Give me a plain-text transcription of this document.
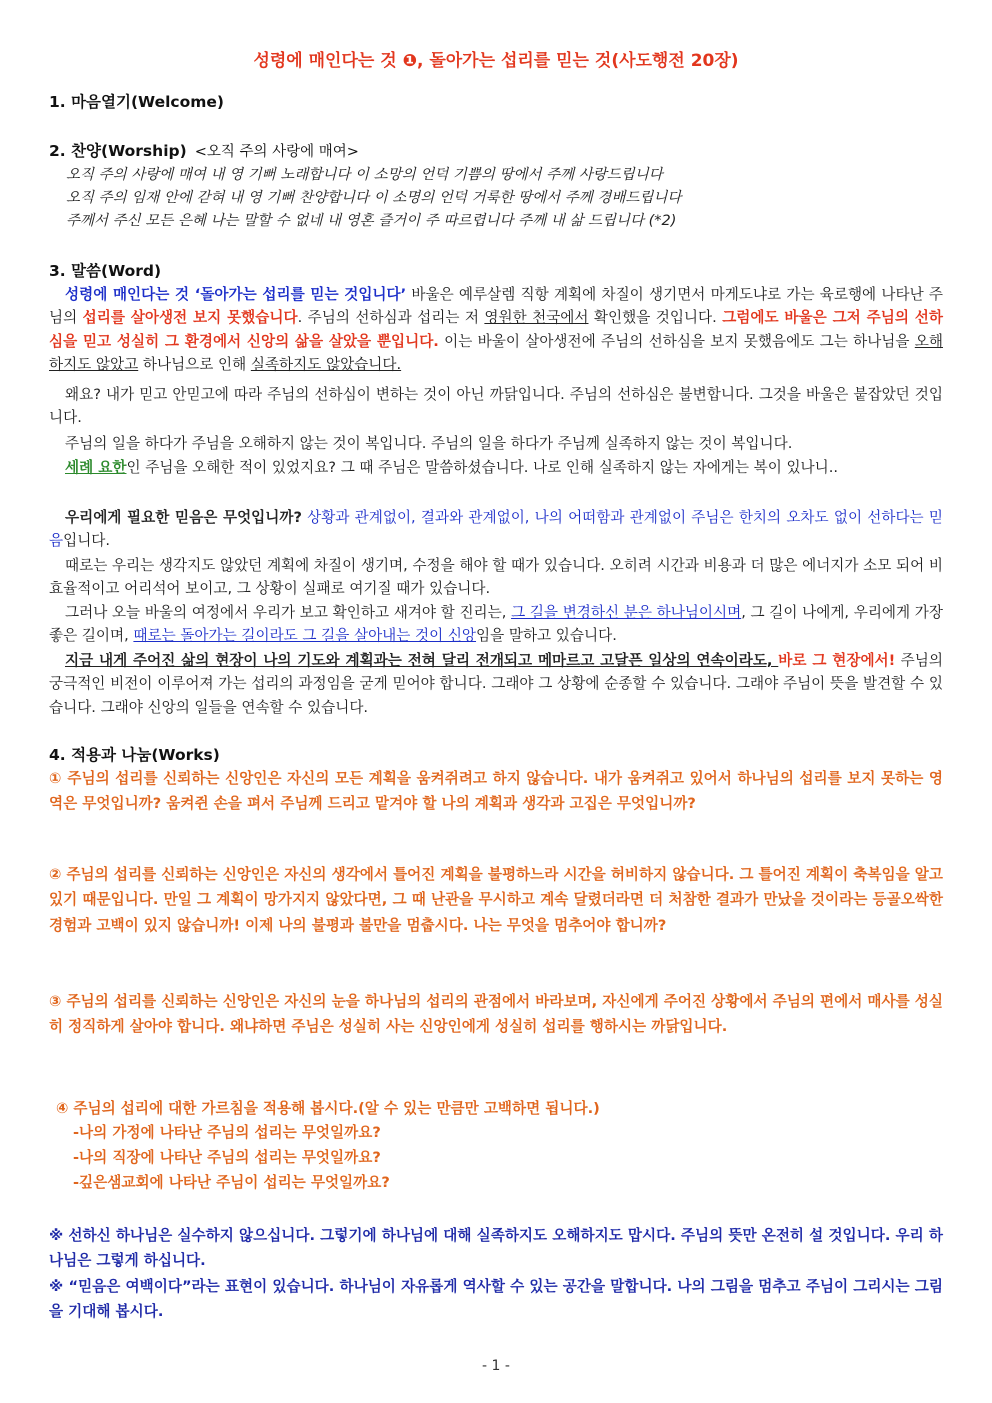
성령에 매인다는 것 ❶, 돌아가는 섭리를 믿는 것(사도행전 20장)
1. 마음열기(Welcome)
2. 찬양(Worship) <오직 주의 사랑에 매여>
오직 주의 사랑에 매여 내 영 기뻐 노래합니다 이 소망의 언덕 기쁨의 땅에서 주께 사랑드립니다
오직 주의 임재 안에 갇혀 내 영 기뻐 찬양합니다 이 소명의 언덕 거룩한 땅에서 주께 경배드립니다
주께서 주신 모든 은혜 나는 말할 수 없네 내 영혼 즐거이 주 따르렵니다 주께 내 삶 드립니다 (*2)
3. 말씀(Word)
성령에 매인다는 것 ‘돌아가는 섭리를 믿는 것입니다’ 바울은 예루살렘 직항 계획에 차질이 생기면서 마게도냐로 가는 육로행에 나타난 주님의 섭리를 살아생전 보지 못했습니다. 주님의 선하심과 섭리는 저 영원한 천국에서 확인했을 것입니다. 그럼에도 바울은 그저 주님의 선하심을 믿고 성실히 그 환경에서 신앙의 삶을 살았을 뿐입니다. 이는 바울이 살아생전에 주님의 선하심을 보지 못했음에도 그는 하나님을 오해하지도 않았고 하나님으로 인해 실족하지도 않았습니다.
왜요? 내가 믿고 안믿고에 따라 주님의 선하심이 변하는 것이 아닌 까닭입니다. 주님의 선하심은 불변합니다. 그것을 바울은 붙잡았던 것입니다.
주님의 일을 하다가 주님을 오해하지 않는 것이 복입니다. 주님의 일을 하다가 주님께 실족하지 않는 것이 복입니다.
세례 요한인 주님을 오해한 적이 있었지요? 그 때 주님은 말씀하셨습니다. 나로 인해 실족하지 않는 자에게는 복이 있나니..
우리에게 필요한 믿음은 무엇입니까? 상황과 관계없이, 결과와 관계없이, 나의 어떠함과 관계없이 주님은 한치의 오차도 없이 선하다는 믿음입니다.
때로는 우리는 생각지도 않았던 계획에 차질이 생기며, 수정을 해야 할 때가 있습니다. 오히려 시간과 비용과 더 많은 에너지가 소모 되어 비효율적이고 어리석어 보이고, 그 상황이 실패로 여기질 때가 있습니다.
그러나 오늘 바울의 여정에서 우리가 보고 확인하고 새겨야 할 진리는, 그 길을 변경하신 분은 하나님이시며, 그 길이 나에게, 우리에게 가장 좋은 길이며, 때로는 돌아가는 길이라도 그 길을 살아내는 것이 신앙임을 말하고 있습니다.
지금 내게 주어진 삶의 현장이 나의 기도와 계획과는 전혀 달리 전개되고 메마르고 고달픈 일상의 연속이라도, 바로 그 현장에서! 주님의 궁극적인 비전이 이루어져 가는 섭리의 과정임을 굳게 믿어야 합니다. 그래야 그 상황에 순종할 수 있습니다. 그래야 주님이 뜻을 발견할 수 있습니다. 그래야 신앙의 일들을 연속할 수 있습니다.
4. 적용과 나눔(Works)
① 주님의 섭리를 신뢰하는 신앙인은 자신의 모든 계획을 움켜쥐려고 하지 않습니다. 내가 움켜쥐고 있어서 하나님의 섭리를 보지 못하는 영역은 무엇입니까? 움켜쥔 손을 펴서 주님께 드리고 맡겨야 할 나의 계획과 생각과 고집은 무엇입니까?
② 주님의 섭리를 신뢰하는 신앙인은 자신의 생각에서 틀어진 계획을 불평하느라 시간을 허비하지 않습니다. 그 틀어진 계획이 축복임을 알고 있기 때문입니다. 만일 그 계획이 망가지지 않았다면, 그 때 난관을 무시하고 계속 달렸더라면 더 처참한 결과가 만났을 것이라는 등골오싹한 경험과 고백이 있지 않습니까! 이제 나의 불평과 불만을 멈춥시다. 나는 무엇을 멈추어야 합니까?
③ 주님의 섭리를 신뢰하는 신앙인은 자신의 눈을 하나님의 섭리의 관점에서 바라보며, 자신에게 주어진 상황에서 주님의 편에서 매사를 성실히 정직하게 살아야 합니다. 왜냐하면 주님은 성실히 사는 신앙인에게 성실히 섭리를 행하시는 까닭입니다.
④ 주님의 섭리에 대한 가르침을 적용해 봅시다.(알 수 있는 만큼만 고백하면 됩니다.)
-나의 가정에 나타난 주님의 섭리는 무엇일까요?
-나의 직장에 나타난 주님의 섭리는 무엇일까요?
-깊은샘교회에 나타난 주님이 섭리는 무엇일까요?
※ 선하신 하나님은 실수하지 않으십니다. 그렇기에 하나님에 대해 실족하지도 오해하지도 맙시다. 주님의 뜻만 온전히 설 것입니다. 우리 하나님은 그렇게 하십니다.
※ “믿음은 여백이다”라는 표현이 있습니다. 하나님이 자유롭게 역사할 수 있는 공간을 말합니다. 나의 그림을 멈추고 주님이 그리시는 그림을 기대해 봅시다.
- 1 -
